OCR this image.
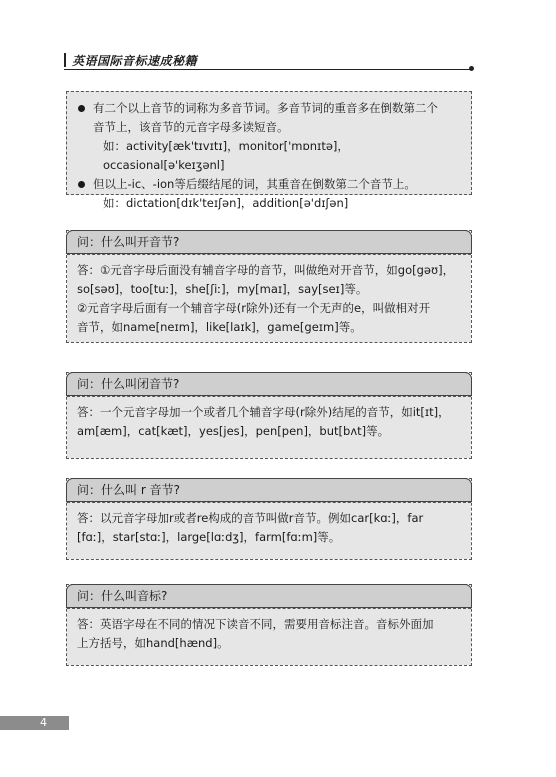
英语国际音标速成秘籍
有二个以上音节的词称为多音节词。多音节词的重音多在倒数第二个
音节上，该音节的元音字母多读短音。
如：activity[æk'tɪvɪtɪ]，monitor['mɒnɪtə]，occasional[ə'keɪʒənl]
但以上-ic、-ion等后缀结尾的词，其重音在倒数第二个音节上。
如：dictation[dɪk'teɪʃən]，addition[ə'dɪʃən]
问：什么叫开音节?
答：①元音字母后面没有辅音字母的音节，叫做绝对开音节，如go[gəʊ]，
so[səʊ]，too[tuː]，she[ʃiː]，my[maɪ]，say[seɪ]等。
②元音字母后面有一个辅音字母(r除外)还有一个无声的e，叫做相对开
音节，如name[neɪm]，like[laɪk]，game[geɪm]等。
问：什么叫闭音节?
答：一个元音字母加一个或者几个辅音字母(r除外)结尾的音节，如it[ɪt]，
am[æm]，cat[kæt]，yes[jes]，pen[pen]，but[bʌt]等。
问：什么叫 r 音节?
答：以元音字母加r或者re构成的音节叫做r音节。例如car[kɑː]，far
[fɑː]，star[stɑː]，large[lɑːdʒ]，farm[fɑːm]等。
问：什么叫音标?
答：英语字母在不同的情况下读音不同，需要用音标注音。音标外面加
上方括号，如hand[hænd]。
4
